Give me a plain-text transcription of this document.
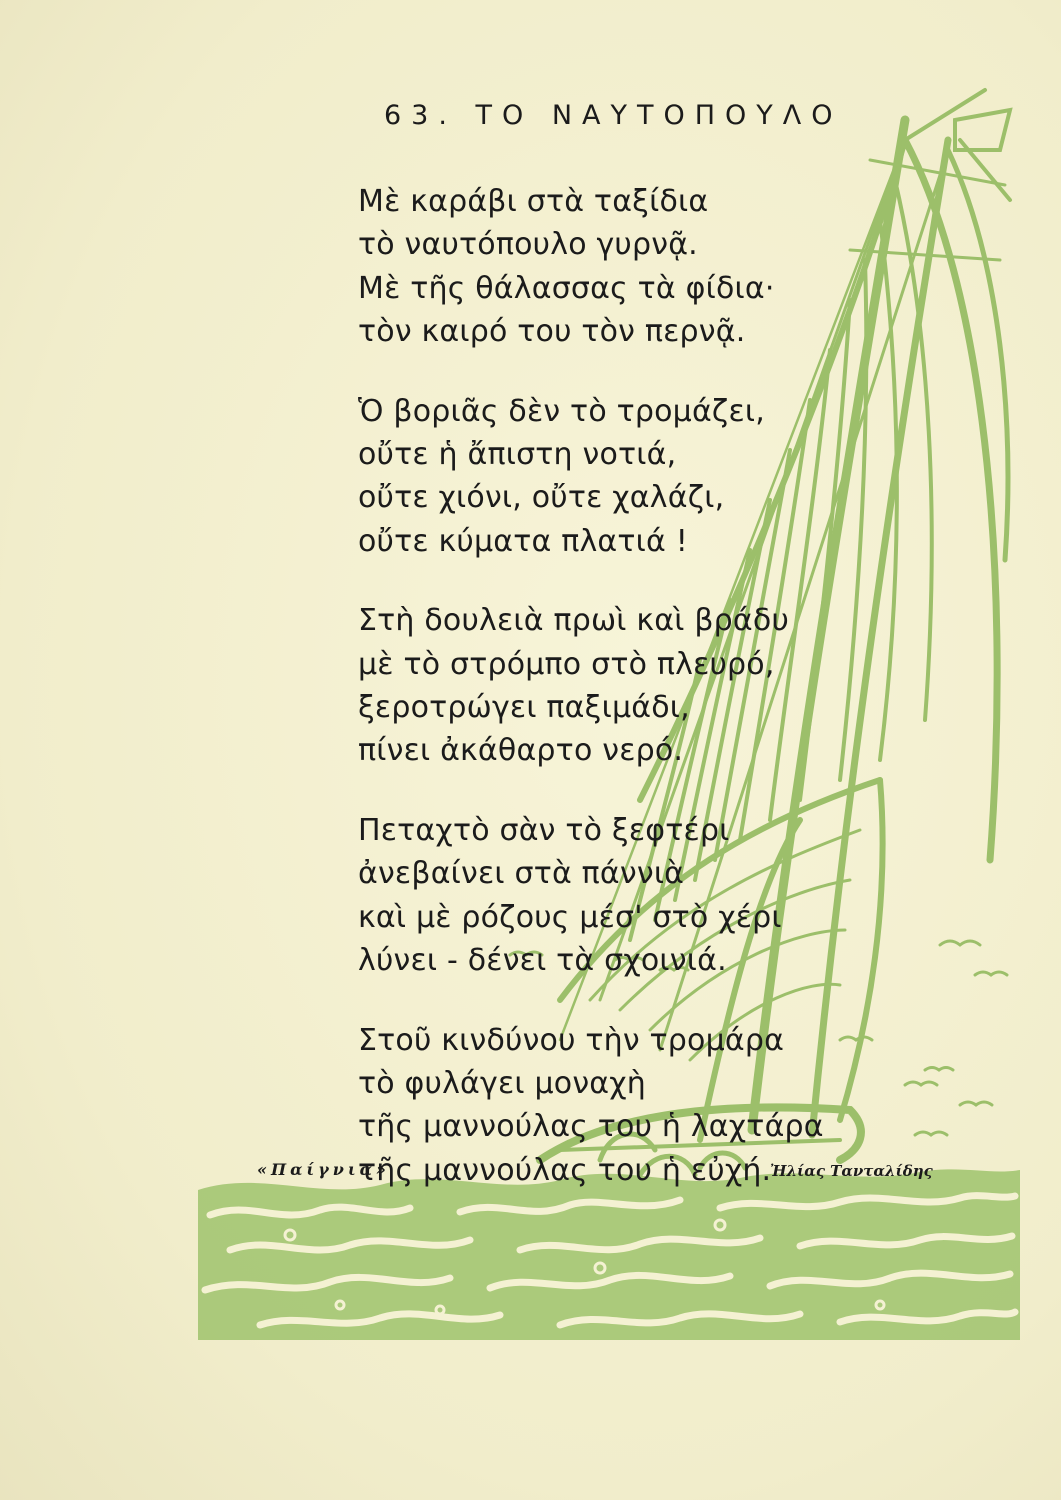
63. ΤΟ ΝΑΥΤΟΠΟΥΛΟ
Μὲ καράβι στὰ ταξίδια
τὸ ναυτόπουλο γυρνᾷ.
Μὲ τῆς θάλασσας τὰ φίδια·
τὸν καιρό του τὸν περνᾷ.
Ὁ βοριᾶς δὲν τὸ τρομάζει,
οὔτε ἡ ἄπιστη νοτιά,
οὔτε χιόνι, οὔτε χαλάζι,
οὔτε κύματα πλατιά !
Στὴ δουλειὰ πρωὶ καὶ βράδυ
μὲ τὸ στρόμπο στὸ πλευρό,
ξεροτρώγει παξιμάδι,
πίνει ἀκάθαρτο νερό.
Πεταχτὸ σὰν τὸ ξεφτέρι
ἀνεβαίνει στὰ πάννιὰ
καὶ μὲ ρόζους μέσ' στὸ χέρι
λύνει - δένει τὰ σχοινιά.
Στοῦ κινδύνου τὴν τρομάρα
τὸ φυλάγει μοναχὴ
τῆς μαννούλας του ἡ λαχτάρα
τῆς μαννούλας του ἡ εὐχή.
«Παίγνια»	Ἠλίας Τανταλίδης
